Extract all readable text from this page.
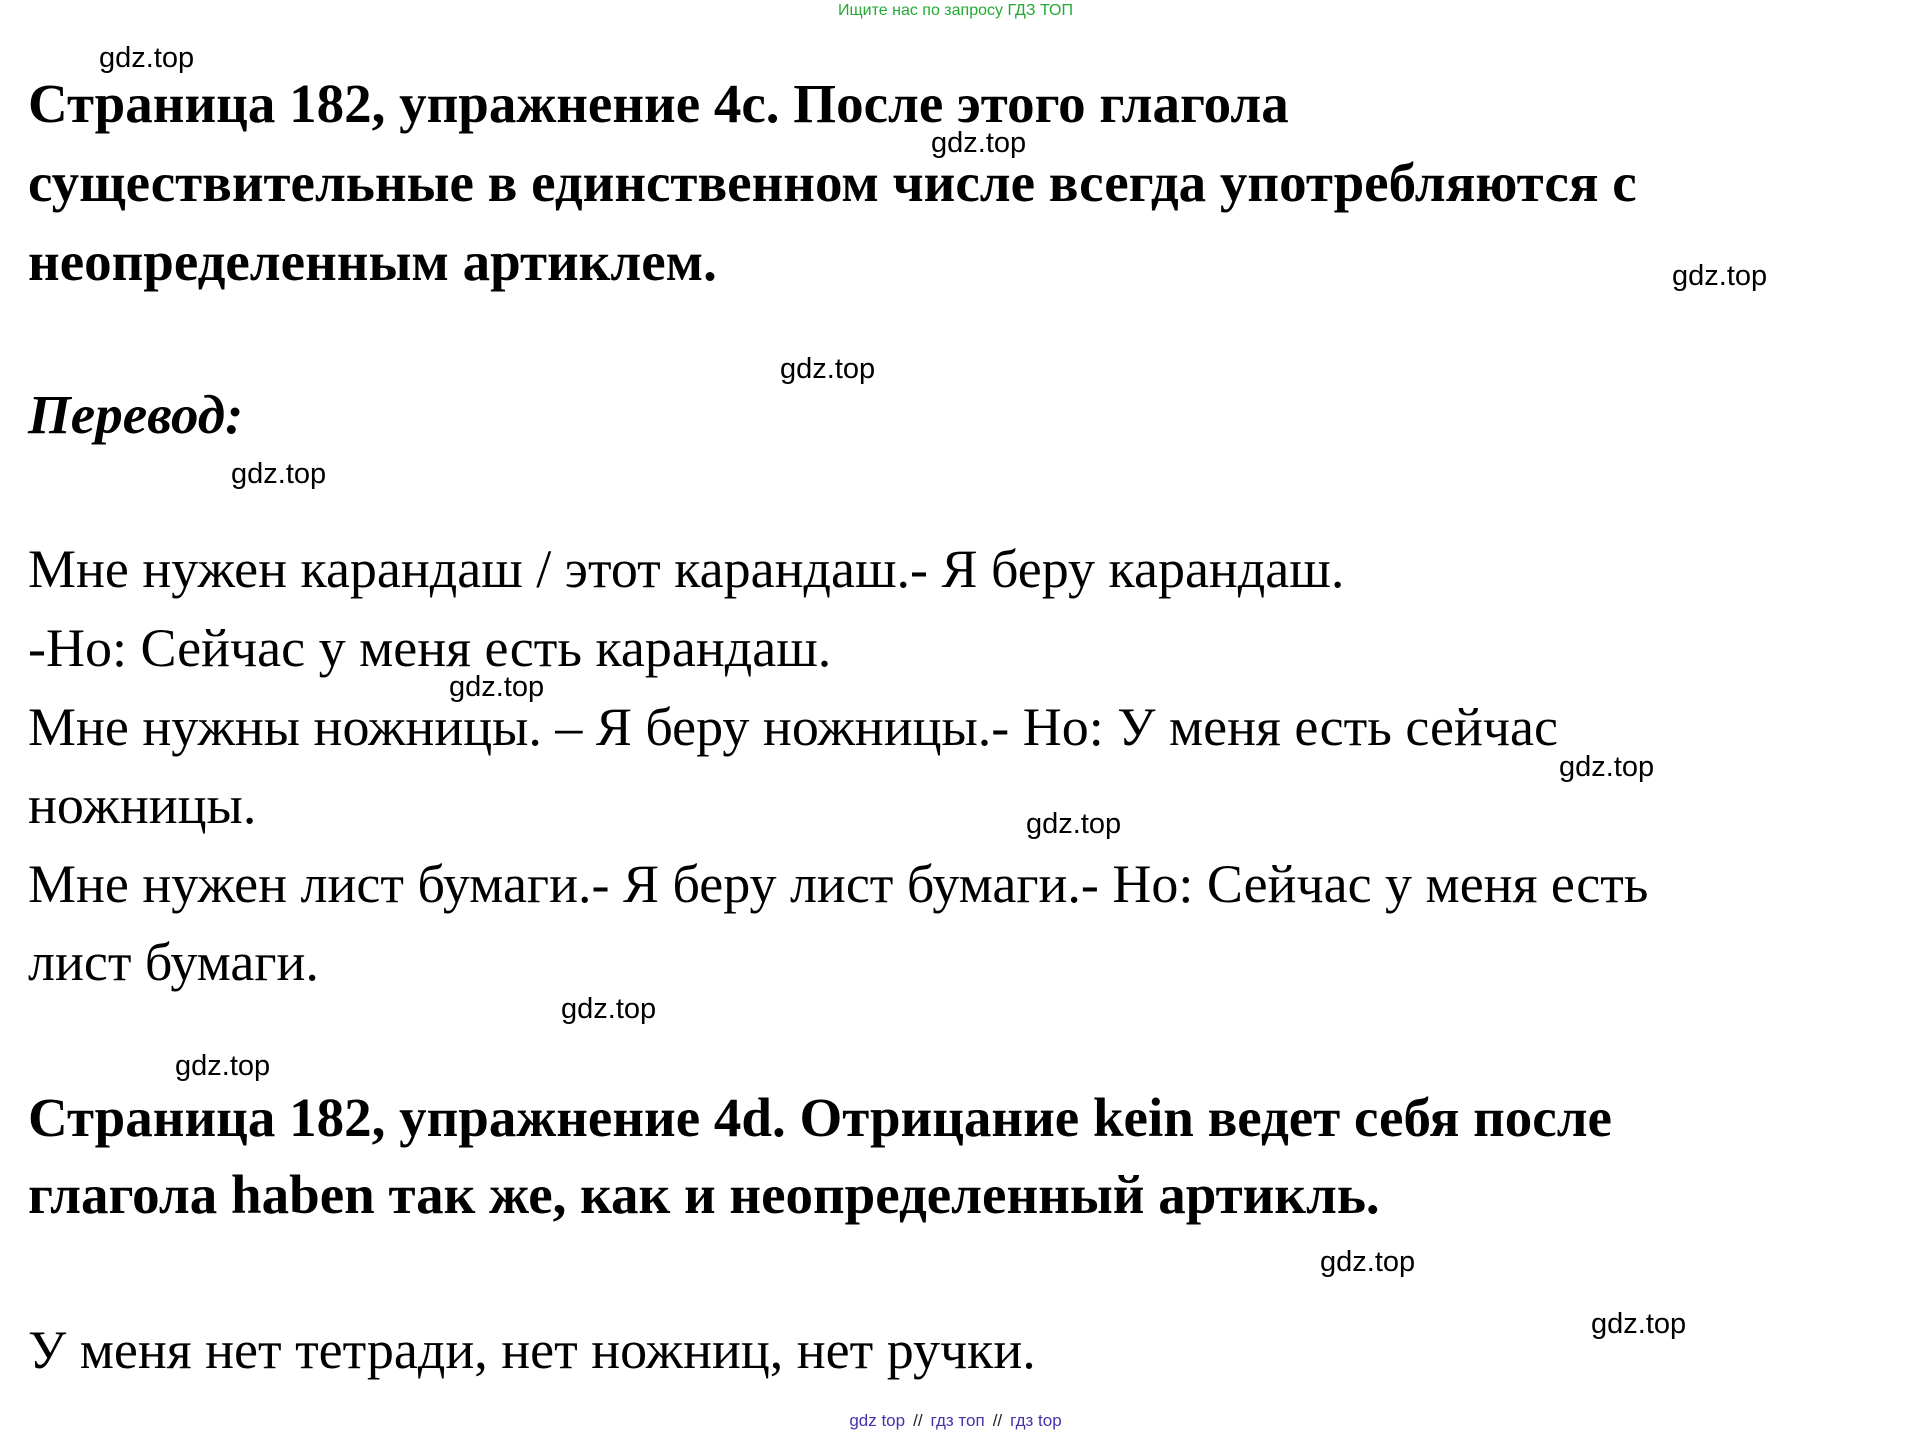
Ищите нас по запросу ГДЗ ТОП
gdz.top
gdz.top
gdz.top
gdz.top
gdz.top
gdz.top
gdz.top
gdz.top
gdz.top
gdz.top
gdz.top
gdz.top
Страница 182, упражнение 4с. После этого глагола
существительные в единственном числе всегда употребляются с
неопределенным артиклем.
Перевод:
Мне нужен карандаш / этот карандаш.- Я беру карандаш.
-Но: Сейчас у меня есть карандаш.
Мне нужны ножницы. – Я беру ножницы.- Но: У меня есть сейчас
ножницы.
Мне нужен лист бумаги.- Я беру лист бумаги.- Но: Сейчас у меня есть
лист бумаги.
Страница 182, упражнение 4d. Отрицание kein ведет себя после
глагола haben так же, как и неопределенный артикль.
У меня нет тетради, нет ножниц, нет ручки.
gdz top // гдз топ // гдз top
